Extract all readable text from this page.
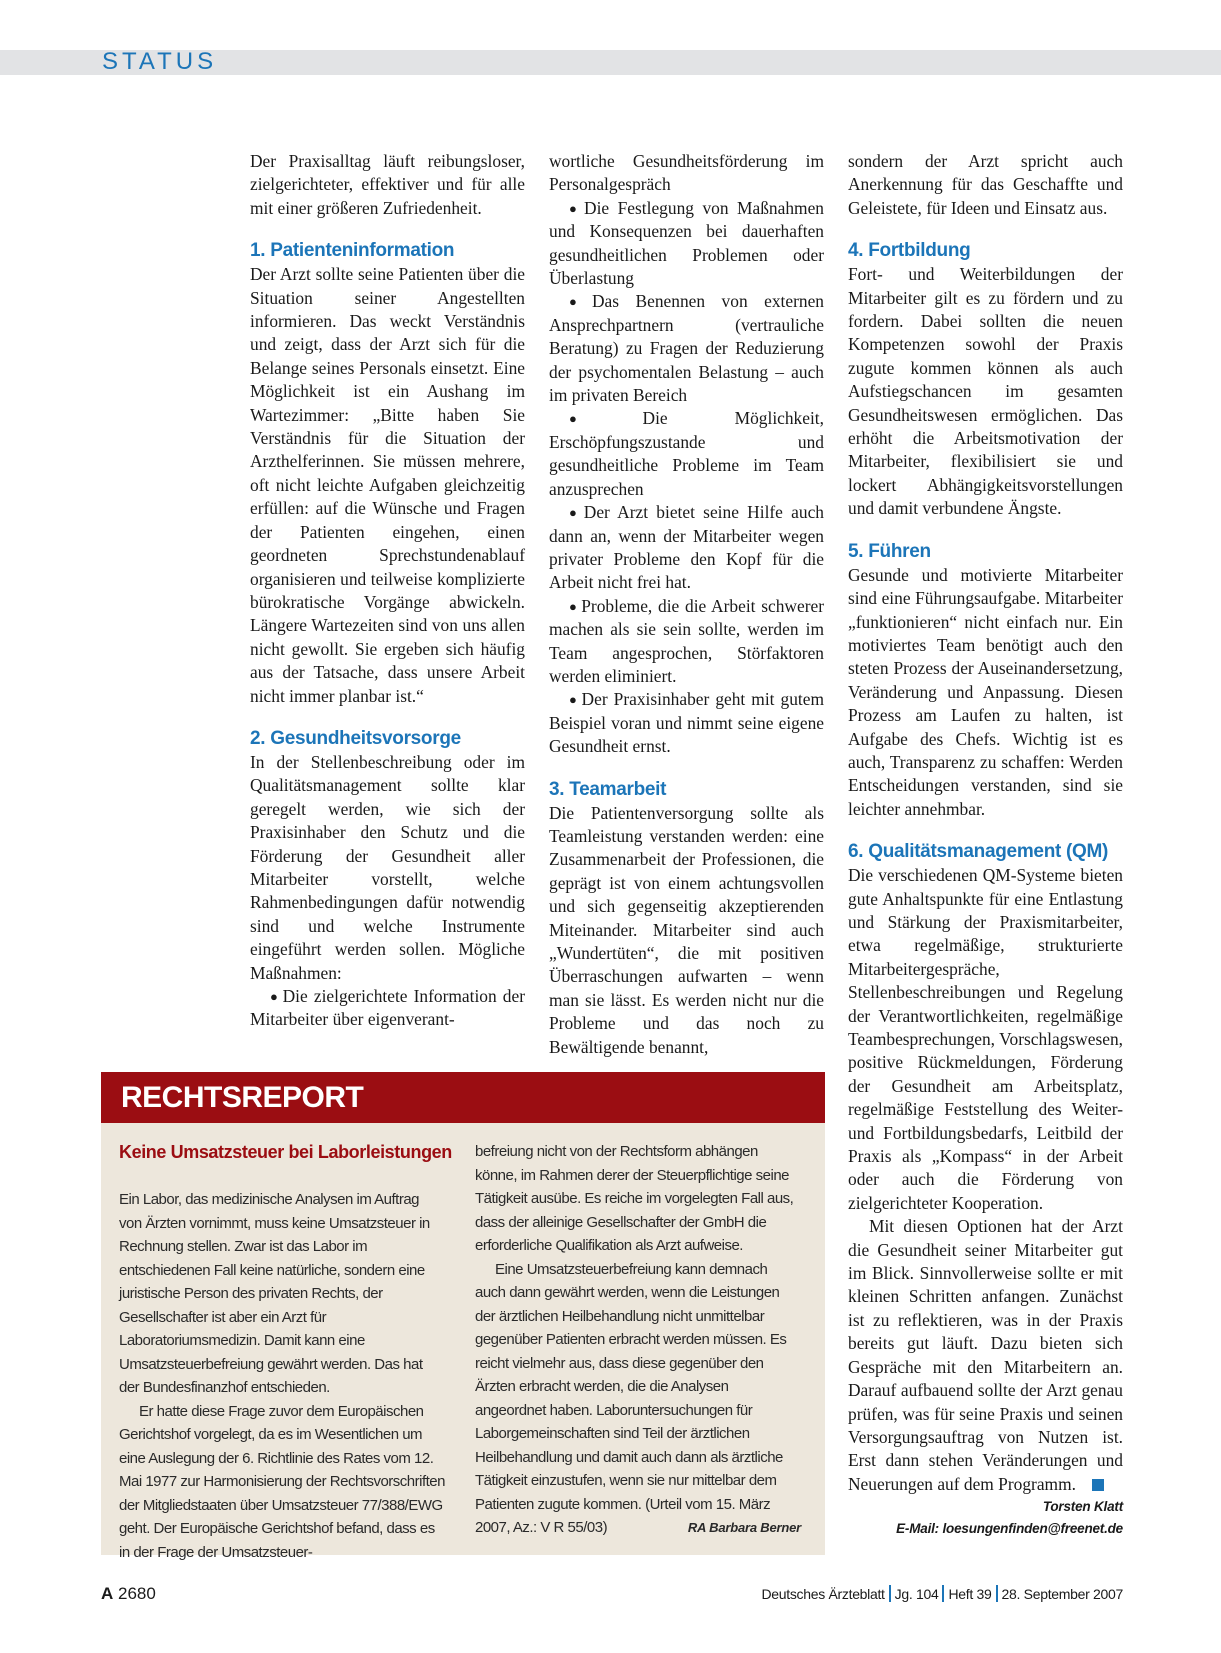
STATUS

Der Praxisalltag läuft reibungsloser, zielgerichteter, effektiver und für alle mit einer größeren Zufriedenheit.

1. Patienteninformation

Der Arzt sollte seine Patienten über die Situation seiner Angestellten informieren. Das weckt Verständnis und zeigt, dass der Arzt sich für die Belange seines Personals einsetzt. Eine Möglichkeit ist ein Aushang im Wartezimmer: „Bitte haben Sie Verständnis für die Situation der Arzthelferinnen. Sie müssen mehrere, oft nicht leichte Aufgaben gleichzeitig erfüllen: auf die Wünsche und Fragen der Patienten eingehen, einen geordneten Sprechstundenablauf organisieren und teilweise komplizierte bürokratische Vorgänge abwickeln. Längere Wartezeiten sind von uns allen nicht gewollt. Sie ergeben sich häufig aus der Tatsache, dass unsere Arbeit nicht immer planbar ist.“

2. Gesundheitsvorsorge

In der Stellenbeschreibung oder im Qualitätsmanagement sollte klar geregelt werden, wie sich der Praxisinhaber den Schutz und die Förderung der Gesundheit aller Mitarbeiter vorstellt, welche Rahmenbedingungen dafür notwendig sind und welche Instrumente eingeführt werden sollen. Mögliche Maßnahmen:

● Die zielgerichtete Information der Mitarbeiter über eigenverant-

wortliche Gesundheitsförderung im Personalgespräch

● Die Festlegung von Maßnahmen und Konsequenzen bei dauerhaften gesundheitlichen Problemen oder Überlastung

● Das Benennen von externen Ansprechpartnern (vertrauliche Beratung) zu Fragen der Reduzierung der psychomentalen Belastung – auch im privaten Bereich

● Die Möglichkeit, Erschöpfungszustande und gesundheitliche Probleme im Team anzusprechen

● Der Arzt bietet seine Hilfe auch dann an, wenn der Mitarbeiter wegen privater Probleme den Kopf für die Arbeit nicht frei hat.

● Probleme, die die Arbeit schwerer machen als sie sein sollte, werden im Team angesprochen, Störfaktoren werden eliminiert.

● Der Praxisinhaber geht mit gutem Beispiel voran und nimmt seine eigene Gesundheit ernst.

3. Teamarbeit

Die Patientenversorgung sollte als Teamleistung verstanden werden: eine Zusammenarbeit der Professionen, die geprägt ist von einem achtungsvollen und sich gegenseitig akzeptierenden Miteinander. Mitarbeiter sind auch „Wundertüten“, die mit positiven Überraschungen aufwarten – wenn man sie lässt. Es werden nicht nur die Probleme und das noch zu Bewältigende benannt,

sondern der Arzt spricht auch Anerkennung für das Geschaffte und Geleistete, für Ideen und Einsatz aus.

4. Fortbildung

Fort- und Weiterbildungen der Mitarbeiter gilt es zu fördern und zu fordern. Dabei sollten die neuen Kompetenzen sowohl der Praxis zugute kommen können als auch Aufstiegschancen im gesamten Gesundheitswesen ermöglichen. Das erhöht die Arbeitsmotivation der Mitarbeiter, flexibilisiert sie und lockert Abhängigkeitsvorstellungen und damit verbundene Ängste.

5. Führen

Gesunde und motivierte Mitarbeiter sind eine Führungsaufgabe. Mitarbeiter „funktionieren“ nicht einfach nur. Ein motiviertes Team benötigt auch den steten Prozess der Auseinandersetzung, Veränderung und Anpassung. Diesen Prozess am Laufen zu halten, ist Aufgabe des Chefs. Wichtig ist es auch, Transparenz zu schaffen: Werden Entscheidungen verstanden, sind sie leichter annehmbar.

6. Qualitätsmanagement (QM)

Die verschiedenen QM-Systeme bieten gute Anhaltspunkte für eine Entlastung und Stärkung der Praxismitarbeiter, etwa regelmäßige, strukturierte Mitarbeitergespräche, Stellenbeschreibungen und Regelung der Verantwortlichkeiten, regelmäßige Teambesprechungen, Vorschlagswesen, positive Rückmeldungen, Förderung der Gesundheit am Arbeitsplatz, regelmäßige Feststellung des Weiter- und Fortbildungsbedarfs, Leitbild der Praxis als „Kompass“ in der Arbeit oder auch die Förderung von zielgerichteter Kooperation.

Mit diesen Optionen hat der Arzt die Gesundheit seiner Mitarbeiter gut im Blick. Sinnvollerweise sollte er mit kleinen Schritten anfangen. Zunächst ist zu reflektieren, was in der Praxis bereits gut läuft. Dazu bieten sich Gespräche mit den Mitarbeitern an. Darauf aufbauend sollte der Arzt genau prüfen, was für seine Praxis und seinen Versorgungsauftrag von Nutzen ist. Erst dann stehen Veränderungen und Neuerungen auf dem Programm.

Torsten Klatt
E-Mail: loesungenfinden@freenet.de
RECHTSREPORT
Keine Umsatzsteuer bei Laborleistungen

Ein Labor, das medizinische Analysen im Auftrag von Ärzten vornimmt, muss keine Umsatzsteuer in Rechnung stellen. Zwar ist das Labor im entschiedenen Fall keine natürliche, sondern eine juristische Person des privaten Rechts, der Gesellschafter ist aber ein Arzt für Laboratoriumsmedizin. Damit kann eine Umsatzsteuerbefreiung gewährt werden. Das hat der Bundesfinanzhof entschieden.

Er hatte diese Frage zuvor dem Europäischen Gerichtshof vorgelegt, da es im Wesentlichen um eine Auslegung der 6. Richtlinie des Rates vom 12. Mai 1977 zur Harmonisierung der Rechtsvorschriften der Mitgliedstaaten über Umsatzsteuer 77/388/EWG geht. Der Europäische Gerichtshof befand, dass es in der Frage der Umsatzsteuer-

befreiung nicht von der Rechtsform abhängen könne, im Rahmen derer der Steuerpflichtige seine Tätigkeit ausübe. Es reiche im vorgelegten Fall aus, dass der alleinige Gesellschafter der GmbH die erforderliche Qualifikation als Arzt aufweise.

Eine Umsatzsteuerbefreiung kann demnach auch dann gewährt werden, wenn die Leistungen der ärztlichen Heilbehandlung nicht unmittelbar gegenüber Patienten erbracht werden müssen. Es reicht vielmehr aus, dass diese gegenüber den Ärzten erbracht werden, die die Analysen angeordnet haben. Laboruntersuchungen für Laborgemeinschaften sind Teil der ärztlichen Heilbehandlung und damit auch dann als ärztliche Tätigkeit einzustufen, wenn sie nur mittelbar dem Patienten zugute kommen. (Urteil vom 15. März 2007, Az.: V R 55/03)	RA Barbara Berner

A 2680	Deutsches Ärzteblatt Jg. 104 Heft 39 28. September 2007
